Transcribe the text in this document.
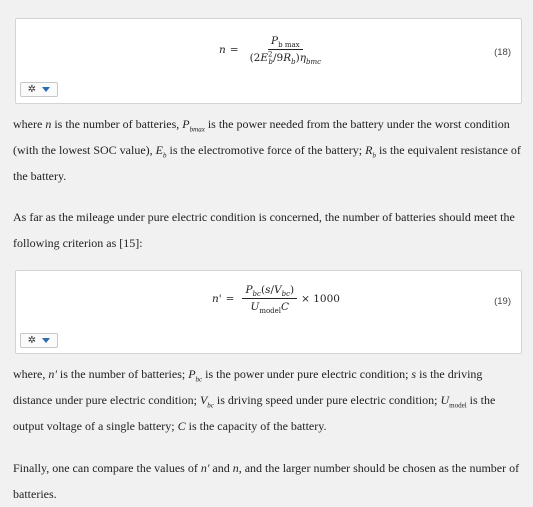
$n = \frac{P_{b max}}{(2E^2_b/9R_b)\eta_{bmc}}$	(18)
✲

where n is the number of batteries, $P_{bmax}$ is the power needed from the battery under the worst condition (with the lowest SOC value), $E_b$ is the electromotive force of the battery; $R_b$ is the equivalent resistance of the battery.

As far as the mileage under pure electric condition is concerned, the number of batteries should meet the following criterion as [15]:

$n' = \frac{P_{bc}(s/V_{bc})}{U_{model}C} \times 1000$	(19)
✲

where, n' is the number of batteries; $P_{bc}$ is the power under pure electric condition; s is the driving distance under pure electric condition; $V_{bc}$ is driving speed under pure electric condition; $U_{model}$ is the output voltage of a single battery; C is the capacity of the battery.

Finally, one can compare the values of n' and n, and the larger number should be chosen as the number of batteries.
